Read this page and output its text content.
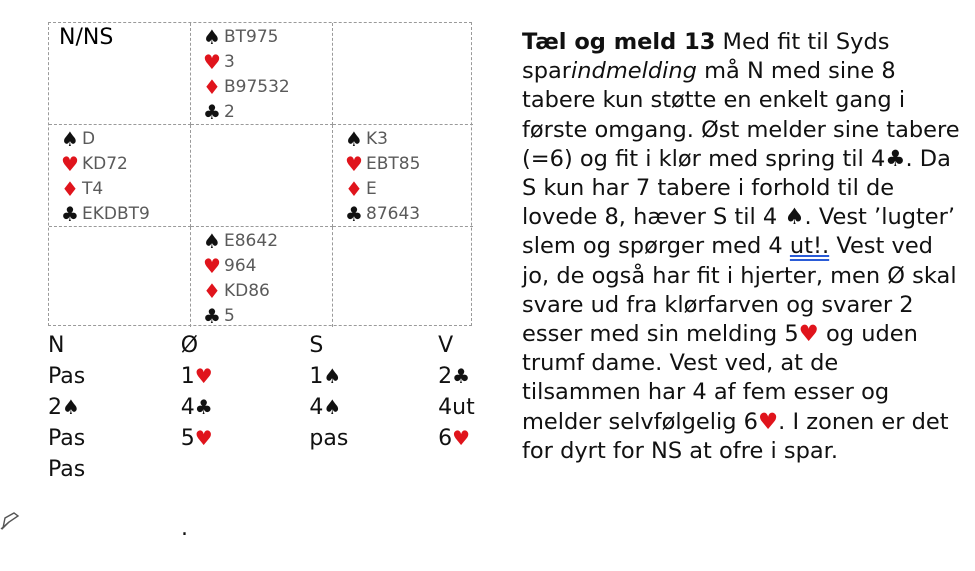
N/NS	♠ BT975
♥ 3
♦ B97532
♣ 2
♠ D
♥ KD72
♦ T4
♣ EKDBT9
♠ K3
♥ EBT85
♦ E
♣ 87643
♠ E8642
♥ 964
♦ KD86
♣ 5
N	Ø	S	V
Pas	1♥	1♠	2♣
2♠	4♣	4♠	4ut
Pas	5♥	pas	6♥
Pas
Tæl og meld 13 Med fit til Syds sparindmelding må N med sine 8 tabere kun støtte en enkelt gang i første omgang. Øst melder sine tabere (=6) og fit i klør med spring til 4♣. Da S kun har 7 tabere i forhold til de lovede 8, hæver S til 4 ♠. Vest ’lugter’ slem og spørger med 4 ut!. Vest ved jo, de også har fit i hjerter, men Ø skal svare ud fra klørfarven og svarer 2 esser med sin melding 5♥ og uden trumf dame. Vest ved, at de tilsammen har 4 af fem esser og melder selvfølgelig 6♥. I zonen er det for dyrt for NS at ofre i spar.
.
